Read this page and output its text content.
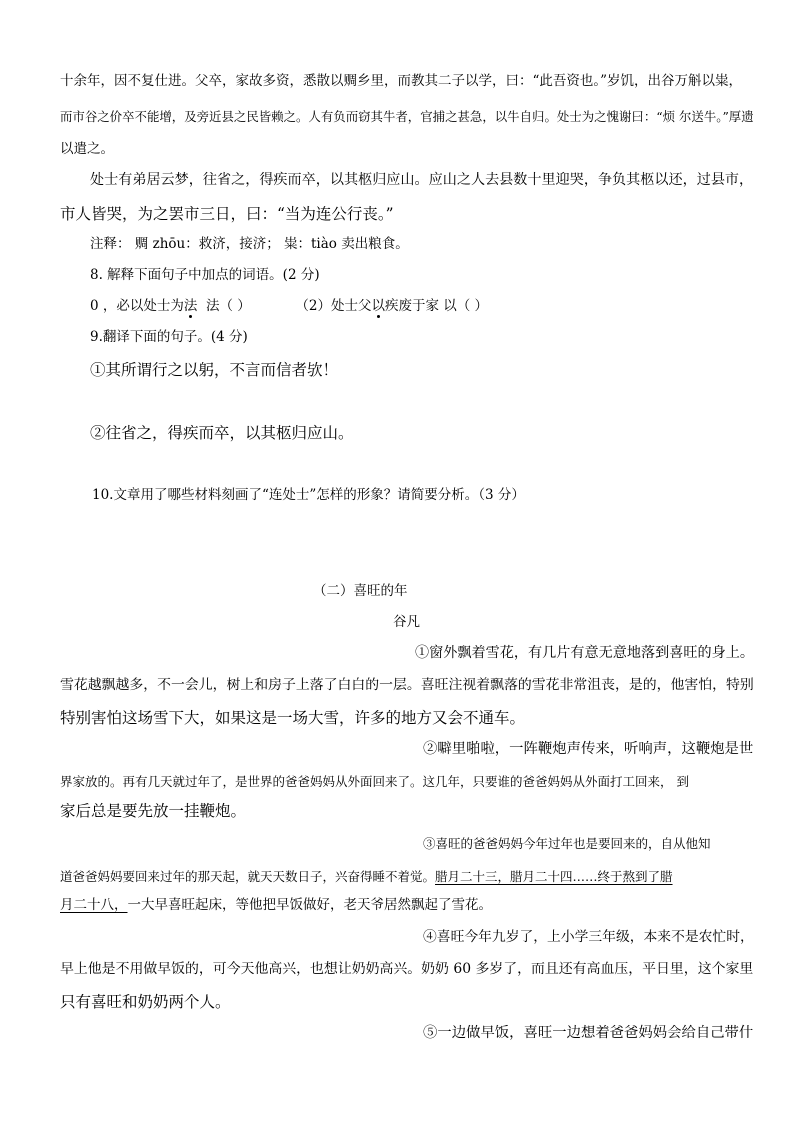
十余年，因不复仕进。父卒，家故多资，悉散以赒乡里，而教其二子以学，曰：“此吾资也。”岁饥，出谷万斛以粜，
而市谷之价卒不能增，及旁近县之民皆赖之。人有负而窃其牛者，官捕之甚急，以牛自归。处士为之愧谢曰：“烦 尔送牛。”厚遗
以遣之。
处士有弟居云梦，往省之，得疾而卒，以其柩归应山。应山之人去县数十里迎哭，争负其柩以还，过县市，
市人皆哭，为之罢市三日，曰：“当为连公行丧。”
注释： 赒 zhōu：救济，接济； 粜：tiào 卖出粮食。
8. 解释下面句子中加点的词语。(2 分)
0 ，必以处士为法 法（ ）	（2）处士父以疾废于家 以（ ）
9.翻译下面的句子。(4 分)
①其所谓行之以躬，不言而信者欤！
②往省之，得疾而卒，以其柩归应山。
10.文章用了哪些材料刻画了“连处士”怎样的形象？请简要分析。（3 分）
（二）喜旺的年
谷凡
①窗外飘着雪花，有几片有意无意地落到喜旺的身上。
雪花越飘越多，不一会儿，树上和房子上落了白白的一层。喜旺注视着飘落的雪花非常沮丧，是的，他害怕，特别
特别害怕这场雪下大，如果这是一场大雪，许多的地方又会不通车。
②噼里啪啦，一阵鞭炮声传来，听响声，这鞭炮是世
界家放的。再有几天就过年了，是世界的爸爸妈妈从外面回来了。这几年，只要谁的爸爸妈妈从外面打工回来， 到
家后总是要先放一挂鞭炮。
③喜旺的爸爸妈妈今年过年也是要回来的，自从他知
道爸爸妈妈要回来过年的那天起，就天天数日子，兴奋得睡不着觉。腊月二十三，腊月二十四……终于熬到了腊
月二十八，一大早喜旺起床，等他把早饭做好，老天爷居然飘起了雪花。
④喜旺今年九岁了，上小学三年级，本来不是农忙时，
早上他是不用做早饭的，可今天他高兴，也想让奶奶高兴。奶奶 60 多岁了，而且还有高血压，平日里，这个家里
只有喜旺和奶奶两个人。
⑤一边做早饭，喜旺一边想着爸爸妈妈会给自己带什
